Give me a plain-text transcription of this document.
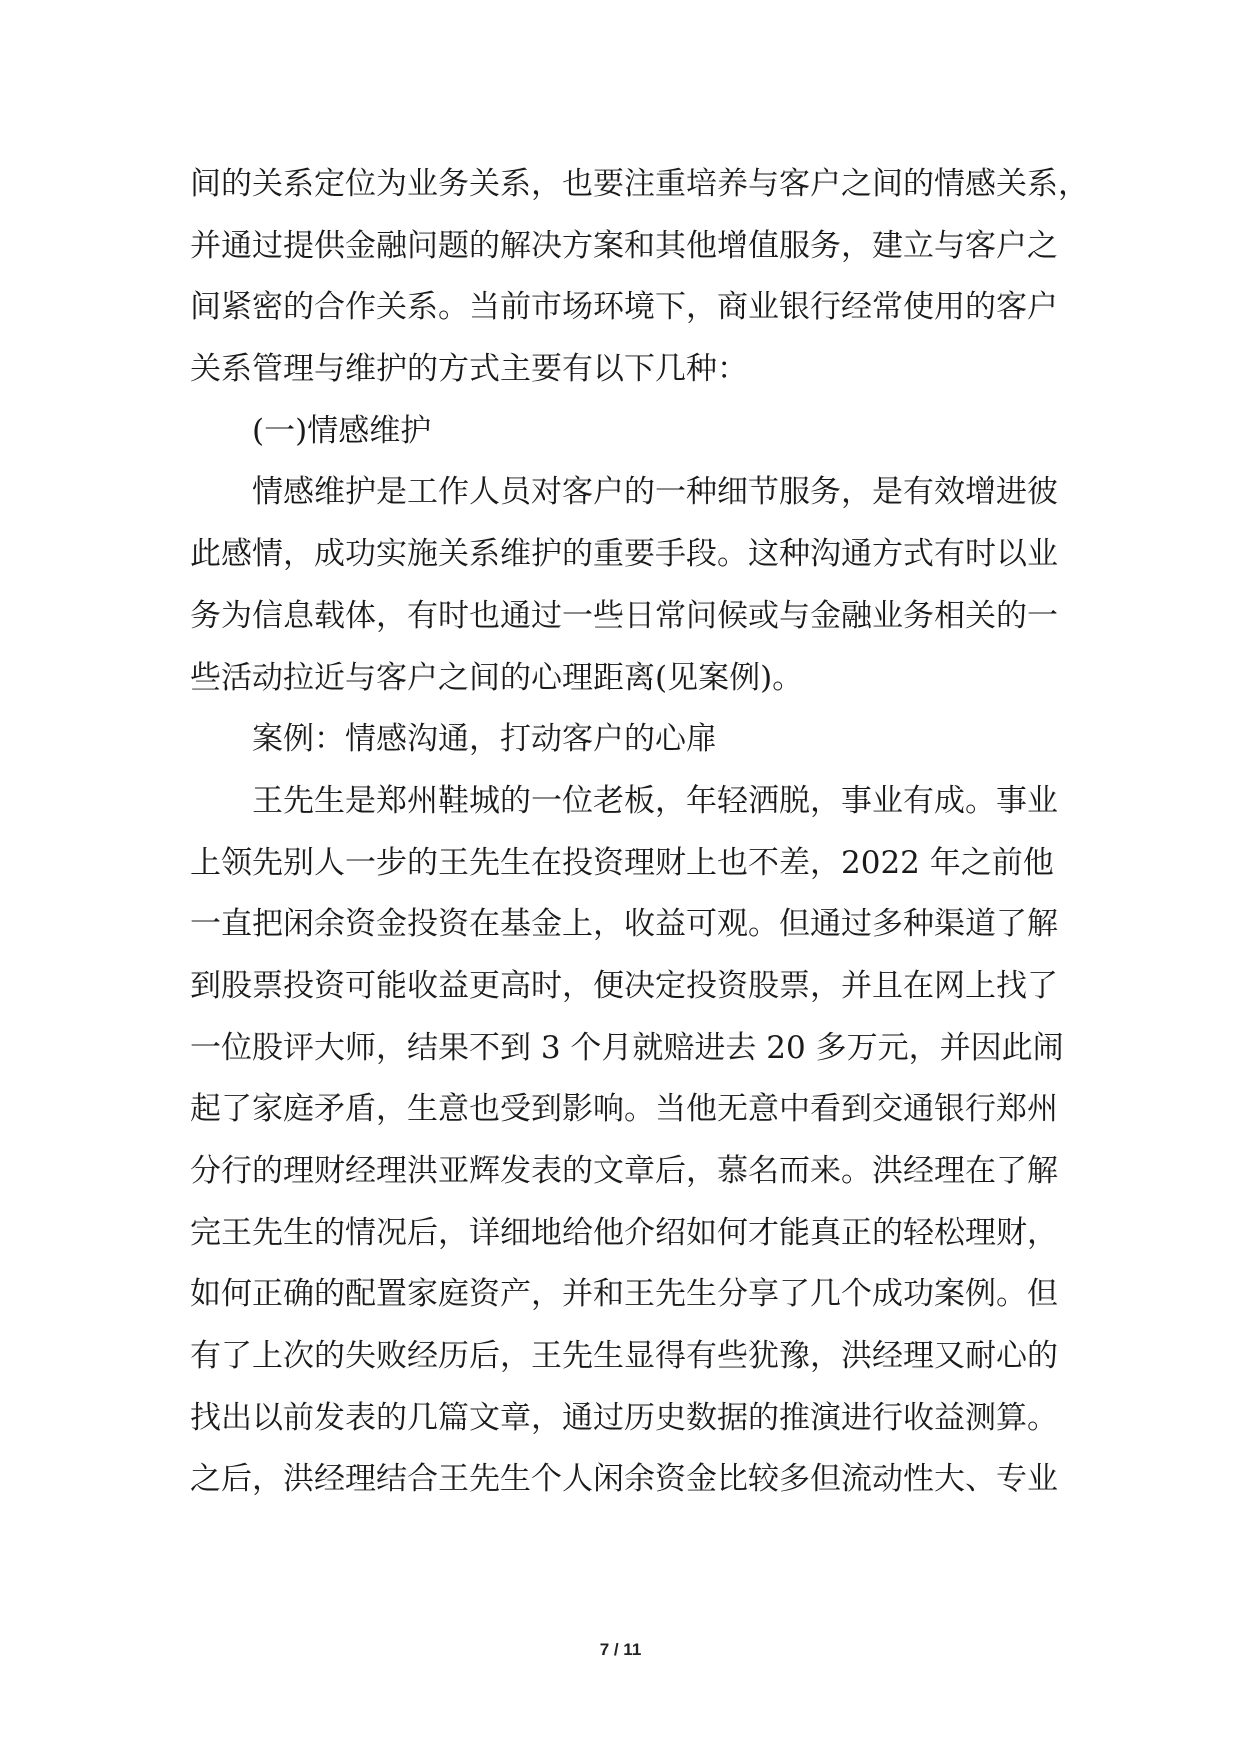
间的关系定位为业务关系，也要注重培养与客户之间的情感关系，
并通过提供金融问题的解决方案和其他增值服务，建立与客户之
间紧密的合作关系。当前市场环境下，商业银行经常使用的客户
关系管理与维护的方式主要有以下几种：
(一)情感维护
情感维护是工作人员对客户的一种细节服务，是有效增进彼
此感情，成功实施关系维护的重要手段。这种沟通方式有时以业
务为信息载体，有时也通过一些日常问候或与金融业务相关的一
些活动拉近与客户之间的心理距离(见案例)。
案例：情感沟通，打动客户的心扉
王先生是郑州鞋城的一位老板，年轻洒脱，事业有成。事业
上领先别人一步的王先生在投资理财上也不差，2022 年之前他
一直把闲余资金投资在基金上，收益可观。但通过多种渠道了解
到股票投资可能收益更高时，便决定投资股票，并且在网上找了
一位股评大师，结果不到 3 个月就赔进去 20 多万元，并因此闹
起了家庭矛盾，生意也受到影响。当他无意中看到交通银行郑州
分行的理财经理洪亚辉发表的文章后，慕名而来。洪经理在了解
完王先生的情况后，详细地给他介绍如何才能真正的轻松理财，
如何正确的配置家庭资产，并和王先生分享了几个成功案例。但
有了上次的失败经历后，王先生显得有些犹豫，洪经理又耐心的
找出以前发表的几篇文章，通过历史数据的推演进行收益测算。
之后，洪经理结合王先生个人闲余资金比较多但流动性大、专业
7 / 11
